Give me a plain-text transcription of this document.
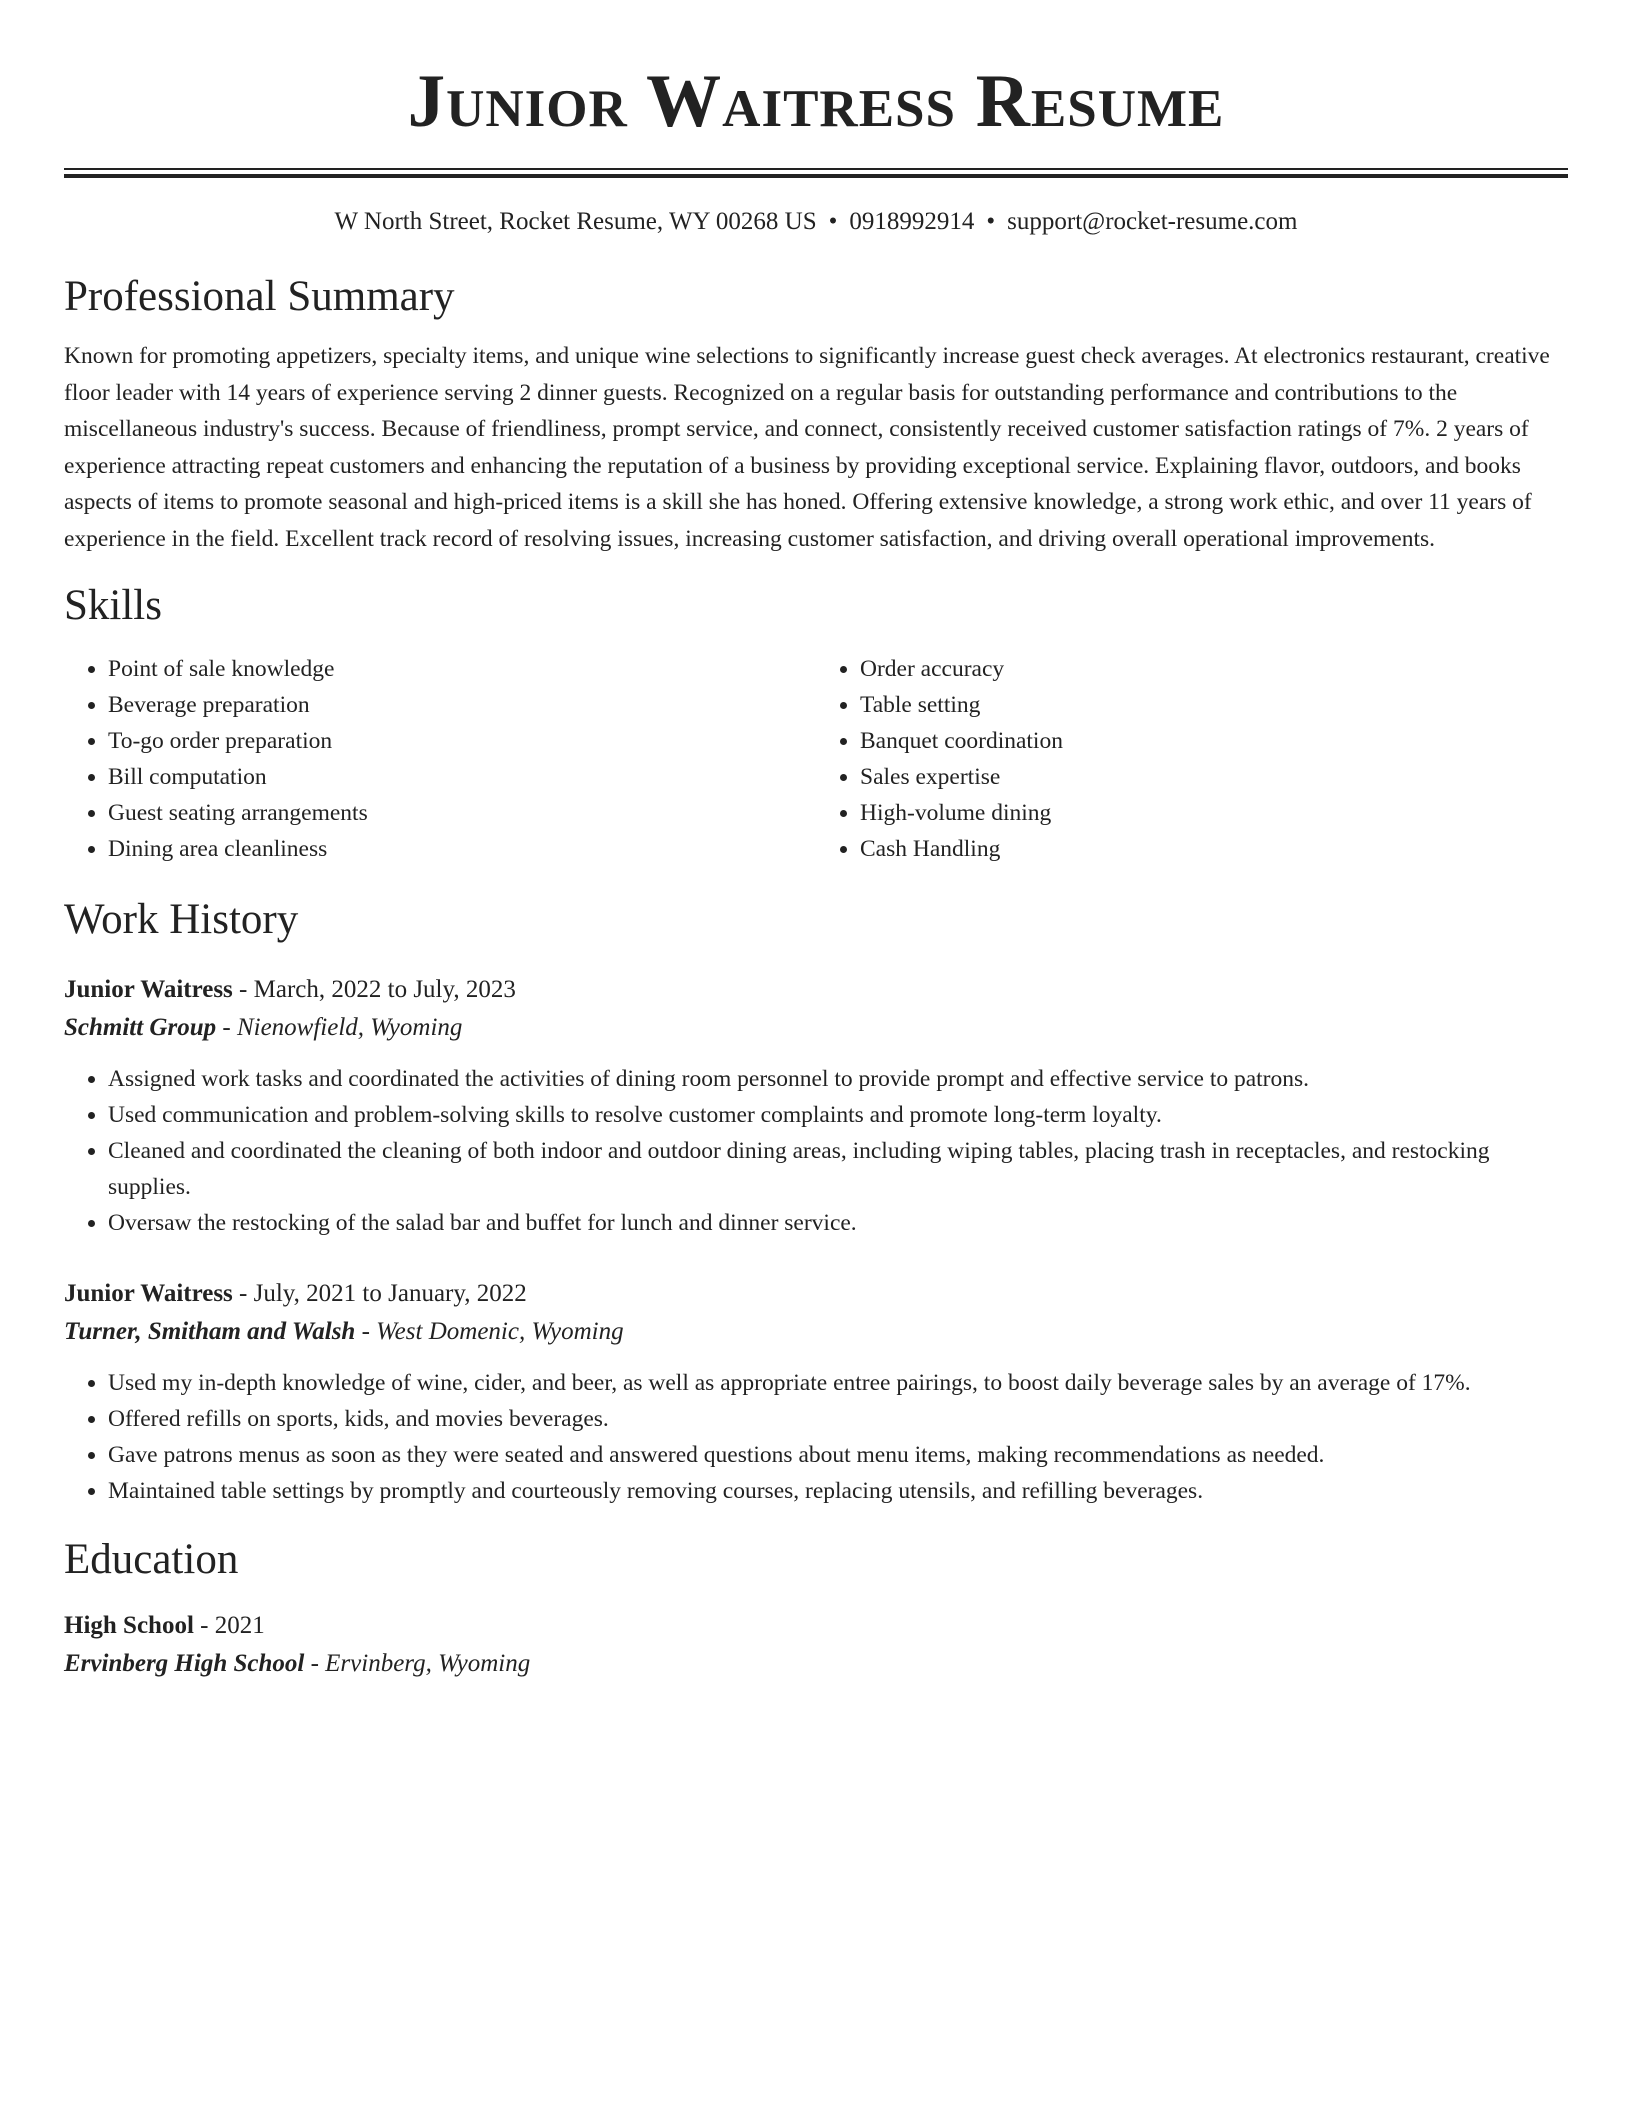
Junior Waitress Resume
W North Street, Rocket Resume, WY 00268 US • 0918992914 • support@rocket-resume.com
Professional Summary

Known for promoting appetizers, specialty items, and unique wine selections to significantly increase guest check averages. At electronics restaurant, creative floor leader with 14 years of experience serving 2 dinner guests. Recognized on a regular basis for outstanding performance and contributions to the miscellaneous industry's success. Because of friendliness, prompt service, and connect, consistently received customer satisfaction ratings of 7%. 2 years of experience attracting repeat customers and enhancing the reputation of a business by providing exceptional service. Explaining flavor, outdoors, and books aspects of items to promote seasonal and high-priced items is a skill she has honed. Offering extensive knowledge, a strong work ethic, and over 11 years of experience in the field. Excellent track record of resolving issues, increasing customer satisfaction, and driving overall operational improvements.

Skills
• Point of sale knowledge
• Beverage preparation
• To-go order preparation
• Bill computation
• Guest seating arrangements
• Dining area cleanliness
• Order accuracy
• Table setting
• Banquet coordination
• Sales expertise
• High-volume dining
• Cash Handling
Work History
Junior Waitress - March, 2022 to July, 2023
Schmitt Group - Nienowfield, Wyoming
• Assigned work tasks and coordinated the activities of dining room personnel to provide prompt and effective service to patrons.
• Used communication and problem-solving skills to resolve customer complaints and promote long-term loyalty.
• Cleaned and coordinated the cleaning of both indoor and outdoor dining areas, including wiping tables, placing trash in receptacles, and restocking supplies.
• Oversaw the restocking of the salad bar and buffet for lunch and dinner service.
Junior Waitress - July, 2021 to January, 2022
Turner, Smitham and Walsh - West Domenic, Wyoming
• Used my in-depth knowledge of wine, cider, and beer, as well as appropriate entree pairings, to boost daily beverage sales by an average of 17%.
• Offered refills on sports, kids, and movies beverages.
• Gave patrons menus as soon as they were seated and answered questions about menu items, making recommendations as needed.
• Maintained table settings by promptly and courteously removing courses, replacing utensils, and refilling beverages.
Education
High School - 2021
Ervinberg High School - Ervinberg, Wyoming
